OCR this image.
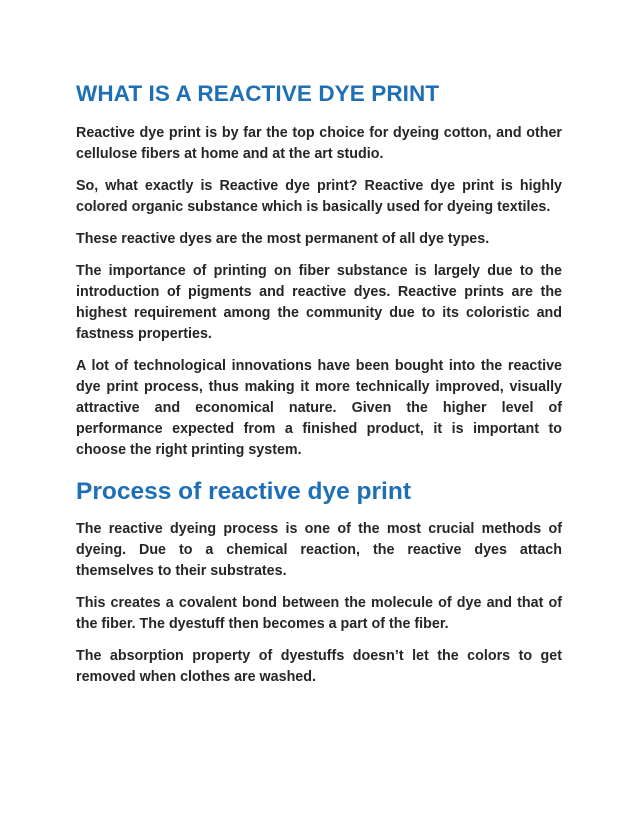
WHAT IS A REACTIVE DYE PRINT

Reactive dye print is by far the top choice for dyeing cotton, and other cellulose fibers at home and at the art studio.

So, what exactly is Reactive dye print? Reactive dye print is highly colored organic substance which is basically used for dyeing textiles.

These reactive dyes are the most permanent of all dye types.

The importance of printing on fiber substance is largely due to the introduction of pigments and reactive dyes. Reactive prints are the highest requirement among the community due to its coloristic and fastness properties.

A lot of technological innovations have been bought into the reactive dye print process, thus making it more technically improved, visually attractive and economical nature. Given the higher level of performance expected from a finished product, it is important to choose the right printing system.

Process of reactive dye print

The reactive dyeing process is one of the most crucial methods of dyeing. Due to a chemical reaction, the reactive dyes attach themselves to their substrates.

This creates a covalent bond between the molecule of dye and that of the fiber. The dyestuff then becomes a part of the fiber.

The absorption property of dyestuffs doesn’t let the colors to get removed when clothes are washed.
